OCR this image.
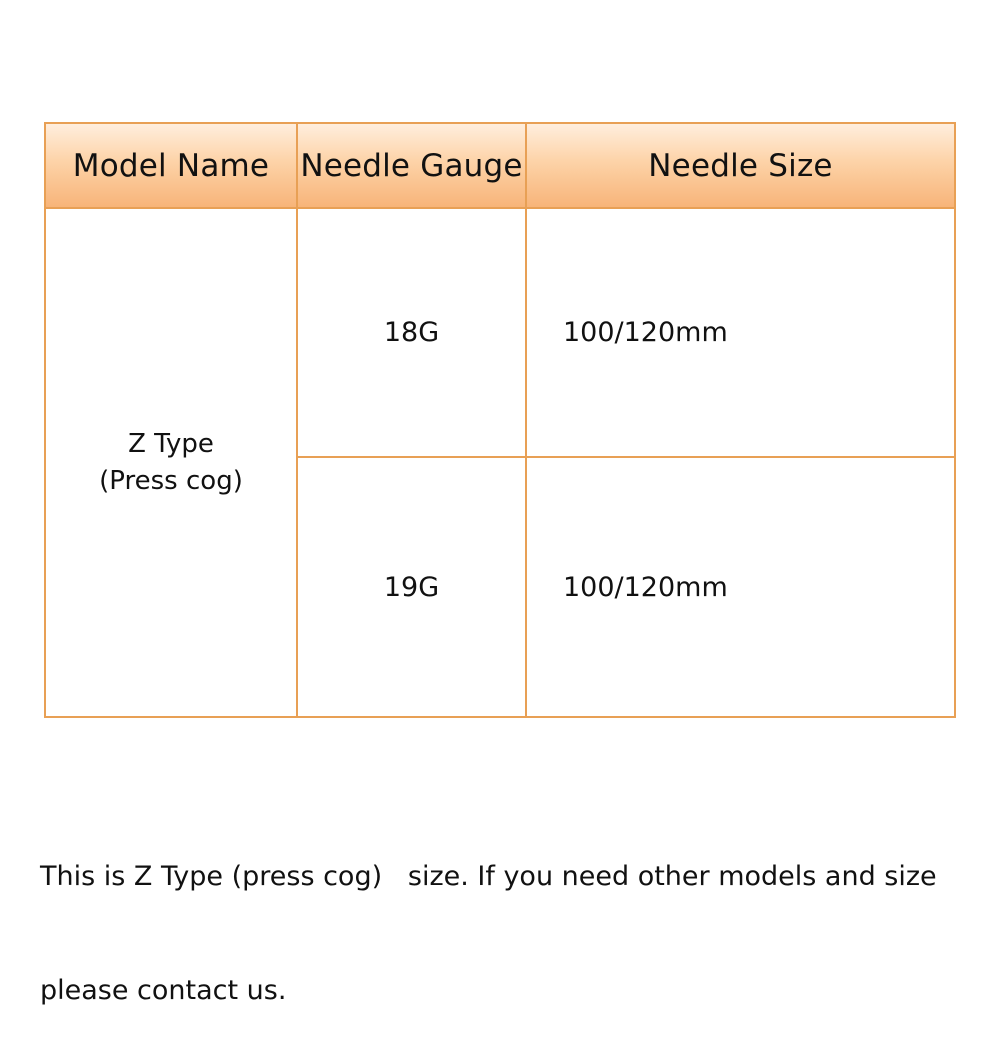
Model Name	Needle Gauge	Needle Size

Z Type
(Press cog)	18G	100/120mm
	19G	100/120mm

This is Z Type (press cog)   size. If you need other models and size

please contact us.
